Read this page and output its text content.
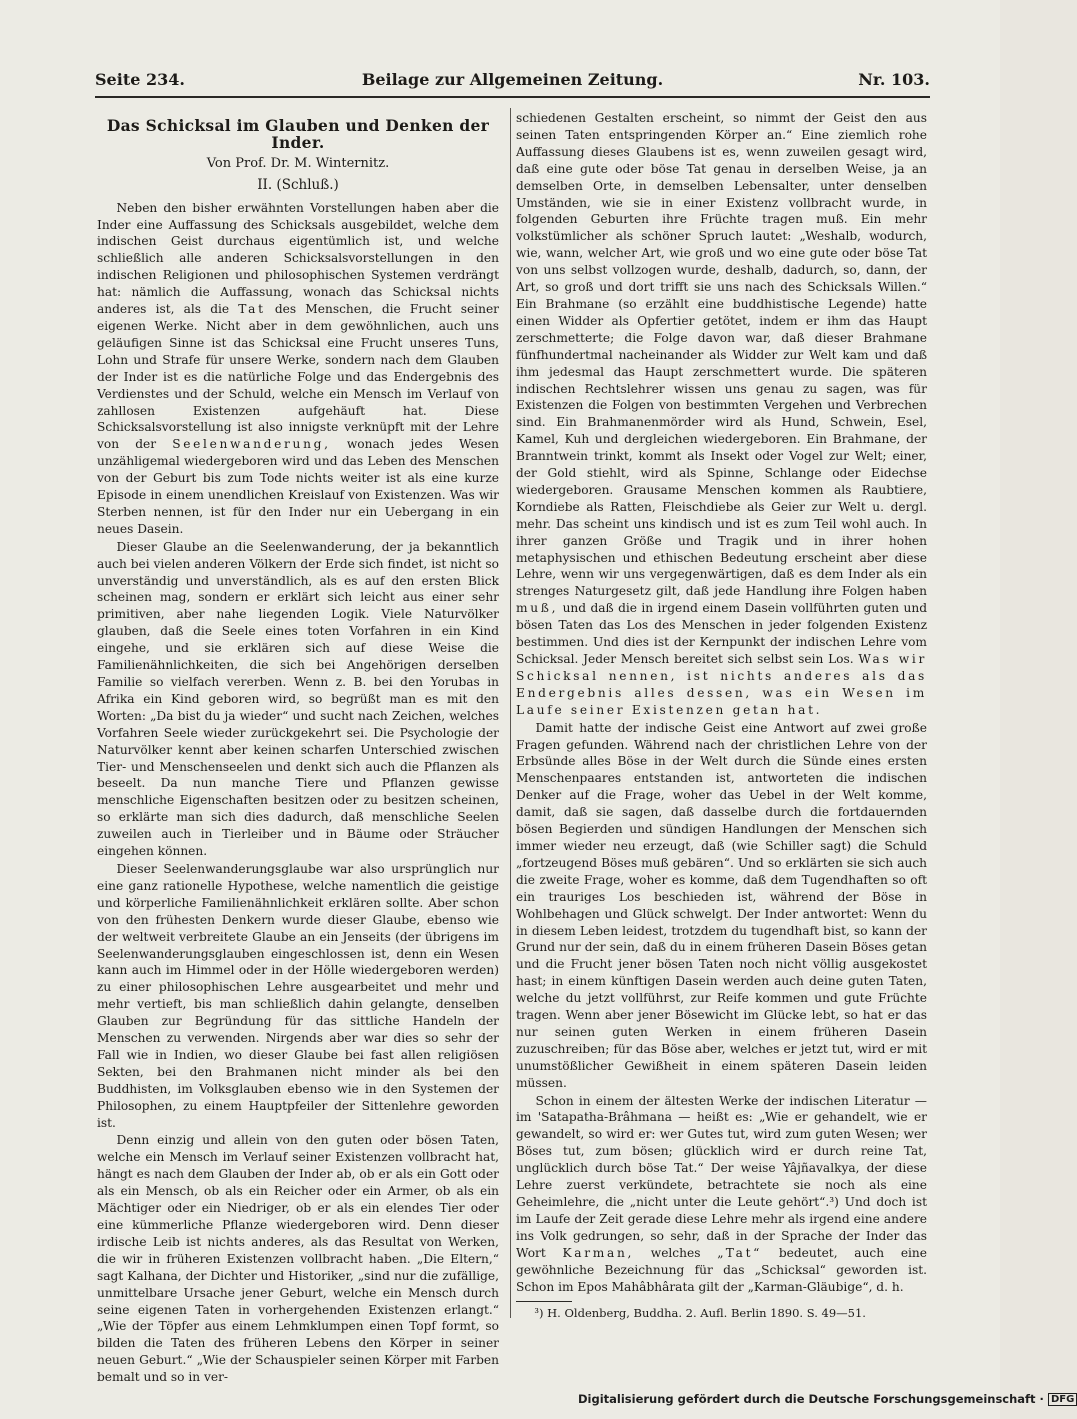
Seite 234.	Beilage zur Allgemeinen Zeitung.	Nr. 103.
Das Schicksal im Glauben und Denken der Inder.
Von Prof. Dr. M. Winternitz.
II. (Schluß.)

Neben den bisher erwähnten Vorstellungen haben aber die Inder eine Auffassung des Schicksals ausgebildet, welche dem indischen Geist durchaus eigentümlich ist, und welche schließlich alle anderen Schicksalsvorstellungen in den indischen Religionen und philosophischen Systemen verdrängt hat: nämlich die Auffassung, wonach das Schicksal nichts anderes ist, als die Tat des Menschen, die Frucht seiner eigenen Werke. Nicht aber in dem gewöhnlichen, auch uns geläufigen Sinne ist das Schicksal eine Frucht unseres Tuns, Lohn und Strafe für unsere Werke, sondern nach dem Glauben der Inder ist es die natürliche Folge und das Endergebnis des Verdienstes und der Schuld, welche ein Mensch im Verlauf von zahllosen Existenzen aufgehäuft hat. Diese Schicksalsvorstellung ist also innigste verknüpft mit der Lehre von der Seelenwanderung, wonach jedes Wesen unzähligemal wiedergeboren wird und das Leben des Menschen von der Geburt bis zum Tode nichts weiter ist als eine kurze Episode in einem unendlichen Kreislauf von Existenzen. Was wir Sterben nennen, ist für den Inder nur ein Uebergang in ein neues Dasein.

Dieser Glaube an die Seelenwanderung, der ja bekanntlich auch bei vielen anderen Völkern der Erde sich findet, ist nicht so unverständig und unverständlich, als es auf den ersten Blick scheinen mag, sondern er erklärt sich leicht aus einer sehr primitiven, aber nahe liegenden Logik. Viele Naturvölker glauben, daß die Seele eines toten Vorfahren in ein Kind eingehe, und sie erklären sich auf diese Weise die Familienähnlichkeiten, die sich bei Angehörigen derselben Familie so vielfach vererben. Wenn z. B. bei den Yorubas in Afrika ein Kind geboren wird, so begrüßt man es mit den Worten: „Da bist du ja wieder“ und sucht nach Zeichen, welches Vorfahren Seele wieder zurückgekehrt sei. Die Psychologie der Naturvölker kennt aber keinen scharfen Unterschied zwischen Tier- und Menschenseelen und denkt sich auch die Pflanzen als beseelt. Da nun manche Tiere und Pflanzen gewisse menschliche Eigenschaften besitzen oder zu besitzen scheinen, so erklärte man sich dies dadurch, daß menschliche Seelen zuweilen auch in Tierleiber und in Bäume oder Sträucher eingehen können.

Dieser Seelenwanderungsglaube war also ursprünglich nur eine ganz rationelle Hypothese, welche namentlich die geistige und körperliche Familienähnlichkeit erklären sollte. Aber schon von den frühesten Denkern wurde dieser Glaube, ebenso wie der weltweit verbreitete Glaube an ein Jenseits (der übrigens im Seelenwanderungsglauben eingeschlossen ist, denn ein Wesen kann auch im Himmel oder in der Hölle wiedergeboren werden) zu einer philosophischen Lehre ausgearbeitet und mehr und mehr vertieft, bis man schließlich dahin gelangte, denselben Glauben zur Begründung für das sittliche Handeln der Menschen zu verwenden. Nirgends aber war dies so sehr der Fall wie in Indien, wo dieser Glaube bei fast allen religiösen Sekten, bei den Brahmanen nicht minder als bei den Buddhisten, im Volksglauben ebenso wie in den Systemen der Philosophen, zu einem Hauptpfeiler der Sittenlehre geworden ist.

Denn einzig und allein von den guten oder bösen Taten, welche ein Mensch im Verlauf seiner Existenzen vollbracht hat, hängt es nach dem Glauben der Inder ab, ob er als ein Gott oder als ein Mensch, ob als ein Reicher oder ein Armer, ob als ein Mächtiger oder ein Niedriger, ob er als ein elendes Tier oder eine kümmerliche Pflanze wiedergeboren wird. Denn dieser irdische Leib ist nichts anderes, als das Resultat von Werken, die wir in früheren Existenzen vollbracht haben. „Die Eltern,“ sagt Kalhana, der Dichter und Historiker, „sind nur die zufällige, unmittelbare Ursache jener Geburt, welche ein Mensch durch seine eigenen Taten in vorhergehenden Existenzen erlangt.“ „Wie der Töpfer aus einem Lehmklumpen einen Topf formt, so bilden die Taten des früheren Lebens den Körper in seiner neuen Geburt.“ „Wie der Schauspieler seinen Körper mit Farben bemalt und so in ver-

schiedenen Gestalten erscheint, so nimmt der Geist den aus seinen Taten entspringenden Körper an.“ Eine ziemlich rohe Auffassung dieses Glaubens ist es, wenn zuweilen gesagt wird, daß eine gute oder böse Tat genau in derselben Weise, ja an demselben Orte, in demselben Lebensalter, unter denselben Umständen, wie sie in einer Existenz vollbracht wurde, in folgenden Geburten ihre Früchte tragen muß. Ein mehr volkstümlicher als schöner Spruch lautet: „Weshalb, wodurch, wie, wann, welcher Art, wie groß und wo eine gute oder böse Tat von uns selbst vollzogen wurde, deshalb, dadurch, so, dann, der Art, so groß und dort trifft sie uns nach des Schicksals Willen.“ Ein Brahmane (so erzählt eine buddhistische Legende) hatte einen Widder als Opfertier getötet, indem er ihm das Haupt zerschmetterte; die Folge davon war, daß dieser Brahmane fünfhundertmal nacheinander als Widder zur Welt kam und daß ihm jedesmal das Haupt zerschmettert wurde. Die späteren indischen Rechtslehrer wissen uns genau zu sagen, was für Existenzen die Folgen von bestimmten Vergehen und Verbrechen sind. Ein Brahmanenmörder wird als Hund, Schwein, Esel, Kamel, Kuh und dergleichen wiedergeboren. Ein Brahmane, der Branntwein trinkt, kommt als Insekt oder Vogel zur Welt; einer, der Gold stiehlt, wird als Spinne, Schlange oder Eidechse wiedergeboren. Grausame Menschen kommen als Raubtiere, Korndiebe als Ratten, Fleischdiebe als Geier zur Welt u. dergl. mehr. Das scheint uns kindisch und ist es zum Teil wohl auch. In ihrer ganzen Größe und Tragik und in ihrer hohen metaphysischen und ethischen Bedeutung erscheint aber diese Lehre, wenn wir uns vergegenwärtigen, daß es dem Inder als ein strenges Naturgesetz gilt, daß jede Handlung ihre Folgen haben muß, und daß die in irgend einem Dasein vollführten guten und bösen Taten das Los des Menschen in jeder folgenden Existenz bestimmen. Und dies ist der Kernpunkt der indischen Lehre vom Schicksal. Jeder Mensch bereitet sich selbst sein Los. Was wir Schicksal nennen, ist nichts anderes als das Endergebnis alles dessen, was ein Wesen im Laufe seiner Existenzen getan hat.

Damit hatte der indische Geist eine Antwort auf zwei große Fragen gefunden. Während nach der christlichen Lehre von der Erbsünde alles Böse in der Welt durch die Sünde eines ersten Menschenpaares entstanden ist, antworteten die indischen Denker auf die Frage, woher das Uebel in der Welt komme, damit, daß sie sagen, daß dasselbe durch die fortdauernden bösen Begierden und sündigen Handlungen der Menschen sich immer wieder neu erzeugt, daß (wie Schiller sagt) die Schuld „fortzeugend Böses muß gebären“. Und so erklärten sie sich auch die zweite Frage, woher es komme, daß dem Tugendhaften so oft ein trauriges Los beschieden ist, während der Böse in Wohlbehagen und Glück schwelgt. Der Inder antwortet: Wenn du in diesem Leben leidest, trotzdem du tugendhaft bist, so kann der Grund nur der sein, daß du in einem früheren Dasein Böses getan und die Frucht jener bösen Taten noch nicht völlig ausgekostet hast; in einem künftigen Dasein werden auch deine guten Taten, welche du jetzt vollführst, zur Reife kommen und gute Früchte tragen. Wenn aber jener Bösewicht im Glücke lebt, so hat er das nur seinen guten Werken in einem früheren Dasein zuzuschreiben; für das Böse aber, welches er jetzt tut, wird er mit unumstößlicher Gewißheit in einem späteren Dasein leiden müssen.

Schon in einem der ältesten Werke der indischen Literatur — im 'Satapatha-Brâhmana — heißt es: „Wie er gehandelt, wie er gewandelt, so wird er: wer Gutes tut, wird zum guten Wesen; wer Böses tut, zum bösen; glücklich wird er durch reine Tat, unglücklich durch böse Tat.“ Der weise Yâjñavalkya, der diese Lehre zuerst verkündete, betrachtete sie noch als eine Geheimlehre, die „nicht unter die Leute gehört“.³) Und doch ist im Laufe der Zeit gerade diese Lehre mehr als irgend eine andere ins Volk gedrungen, so sehr, daß in der Sprache der Inder das Wort Karman, welches „Tat“ bedeutet, auch eine gewöhnliche Bezeichnung für das „Schicksal“ geworden ist. Schon im Epos Mahâbhârata gilt der „Karman-Gläubige“, d. h.

³) H. Oldenberg, Buddha. 2. Aufl. Berlin 1890. S. 49—51.
Digitalisierung gefördert durch die Deutsche Forschungsgemeinschaft · DFG
